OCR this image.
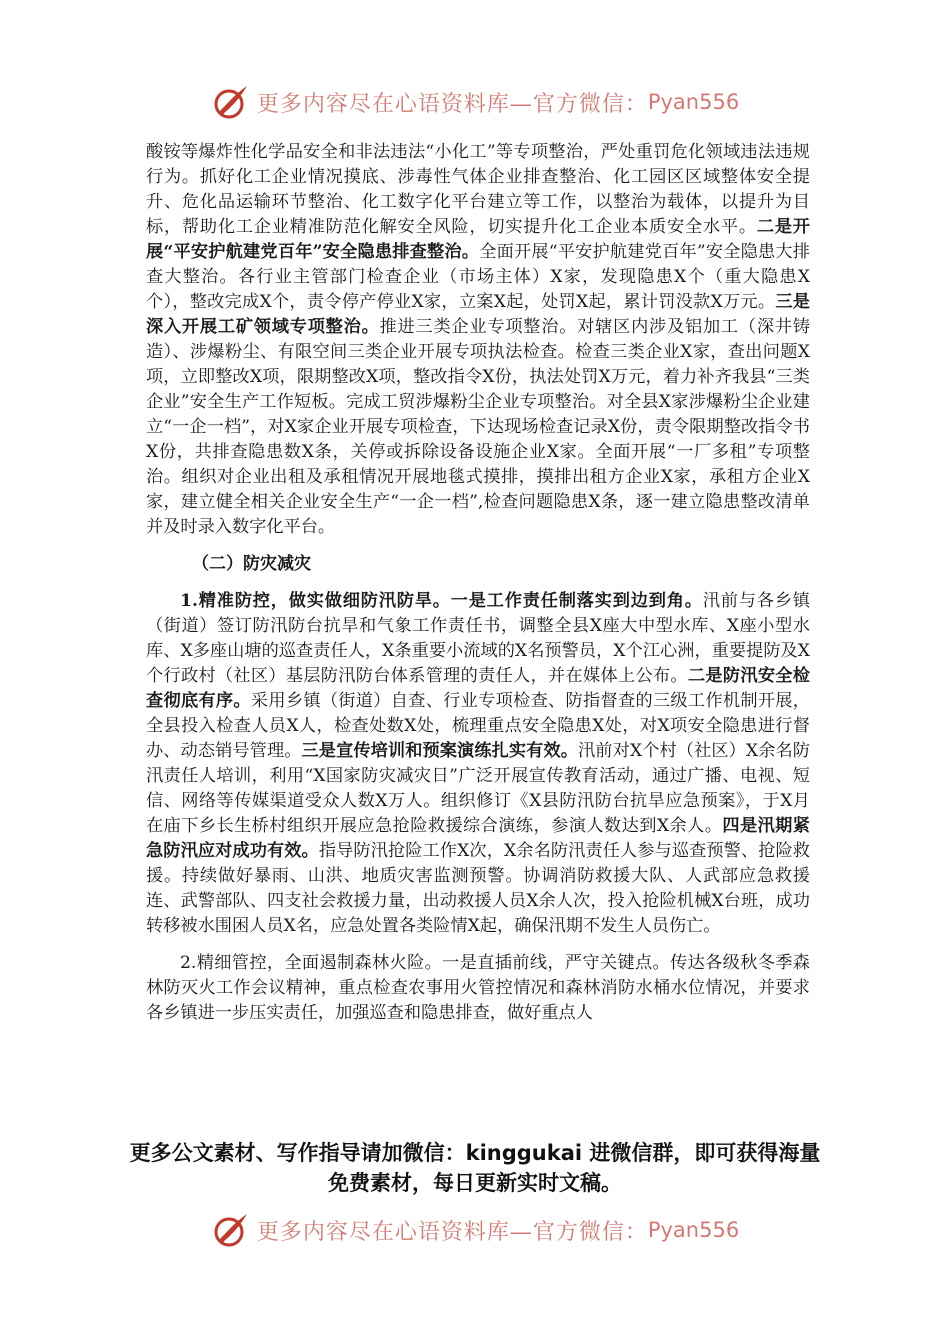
更多内容尽在心语资料库—官方微信： Pyan556

酸铵等爆炸性化学品安全和非法违法“小化工”等专项整治，严处重罚危化领域违法违规行为。抓好化工企业情况摸底、涉毒性气体企业排查整治、化工园区区域整体安全提升、危化品运输环节整治、化工数字化平台建立等工作，以整治为载体，以提升为目标，帮助化工企业精准防范化解安全风险，切实提升化工企业本质安全水平。二是开展“平安护航建党百年”安全隐患排查整治。全面开展“平安护航建党百年”安全隐患大排查大整治。各行业主管部门检查企业（市场主体）X家，发现隐患X个（重大隐患X个），整改完成X个，责令停产停业X家，立案X起，处罚X起，累计罚没款X万元。三是深入开展工矿领域专项整治。推进三类企业专项整治。对辖区内涉及铝加工（深井铸造）、涉爆粉尘、有限空间三类企业开展专项执法检查。检查三类企业X家，查出问题X项，立即整改X项，限期整改X项，整改指令X份，执法处罚X万元，着力补齐我县“三类企业”安全生产工作短板。完成工贸涉爆粉尘企业专项整治。对全县X家涉爆粉尘企业建立“一企一档”，对X家企业开展专项检查，下达现场检查记录X份，责令限期整改指令书X份，共排查隐患数X条，关停或拆除设备设施企业X家。全面开展“一厂多租”专项整治。组织对企业出租及承租情况开展地毯式摸排，摸排出租方企业X家，承租方企业X家，建立健全相关企业安全生产“一企一档”,检查问题隐患X条，逐一建立隐患整改清单并及时录入数字化平台。

（二）防灾减灾

1.精准防控，做实做细防汛防旱。一是工作责任制落实到边到角。汛前与各乡镇（街道）签订防汛防台抗旱和气象工作责任书，调整全县X座大中型水库、X座小型水库、X多座山塘的巡查责任人，X条重要小流域的X名预警员，X个江心洲，重要提防及X个行政村（社区）基层防汛防台体系管理的责任人，并在媒体上公布。二是防汛安全检查彻底有序。采用乡镇（街道）自查、行业专项检查、防指督查的三级工作机制开展，全县投入检查人员X人，检查处数X处，梳理重点安全隐患X处，对X项安全隐患进行督办、动态销号管理。三是宣传培训和预案演练扎实有效。汛前对X个村（社区）X余名防汛责任人培训，利用“X国家防灾减灾日”广泛开展宣传教育活动，通过广播、电视、短信、网络等传媒渠道受众人数X万人。组织修订《X县防汛防台抗旱应急预案》，于X月在庙下乡长生桥村组织开展应急抢险救援综合演练，参演人数达到X余人。四是汛期紧急防汛应对成功有效。指导防汛抢险工作X次，X余名防汛责任人参与巡查预警、抢险救援。持续做好暴雨、山洪、地质灾害监测预警。协调消防救援大队、人武部应急救援连、武警部队、四支社会救援力量，出动救援人员X余人次，投入抢险机械X台班，成功转移被水围困人员X名，应急处置各类险情X起，确保汛期不发生人员伤亡。

2.精细管控，全面遏制森林火险。一是直插前线，严守关键点。传达各级秋冬季森林防灭火工作会议精神，重点检查农事用火管控情况和森林消防水桶水位情况，并要求各乡镇进一步压实责任，加强巡查和隐患排查，做好重点人

更多公文素材、写作指导请加微信：kinggukai 进微信群，即可获得海量免费素材，每日更新实时文稿。
更多内容尽在心语资料库—官方微信： Pyan556
